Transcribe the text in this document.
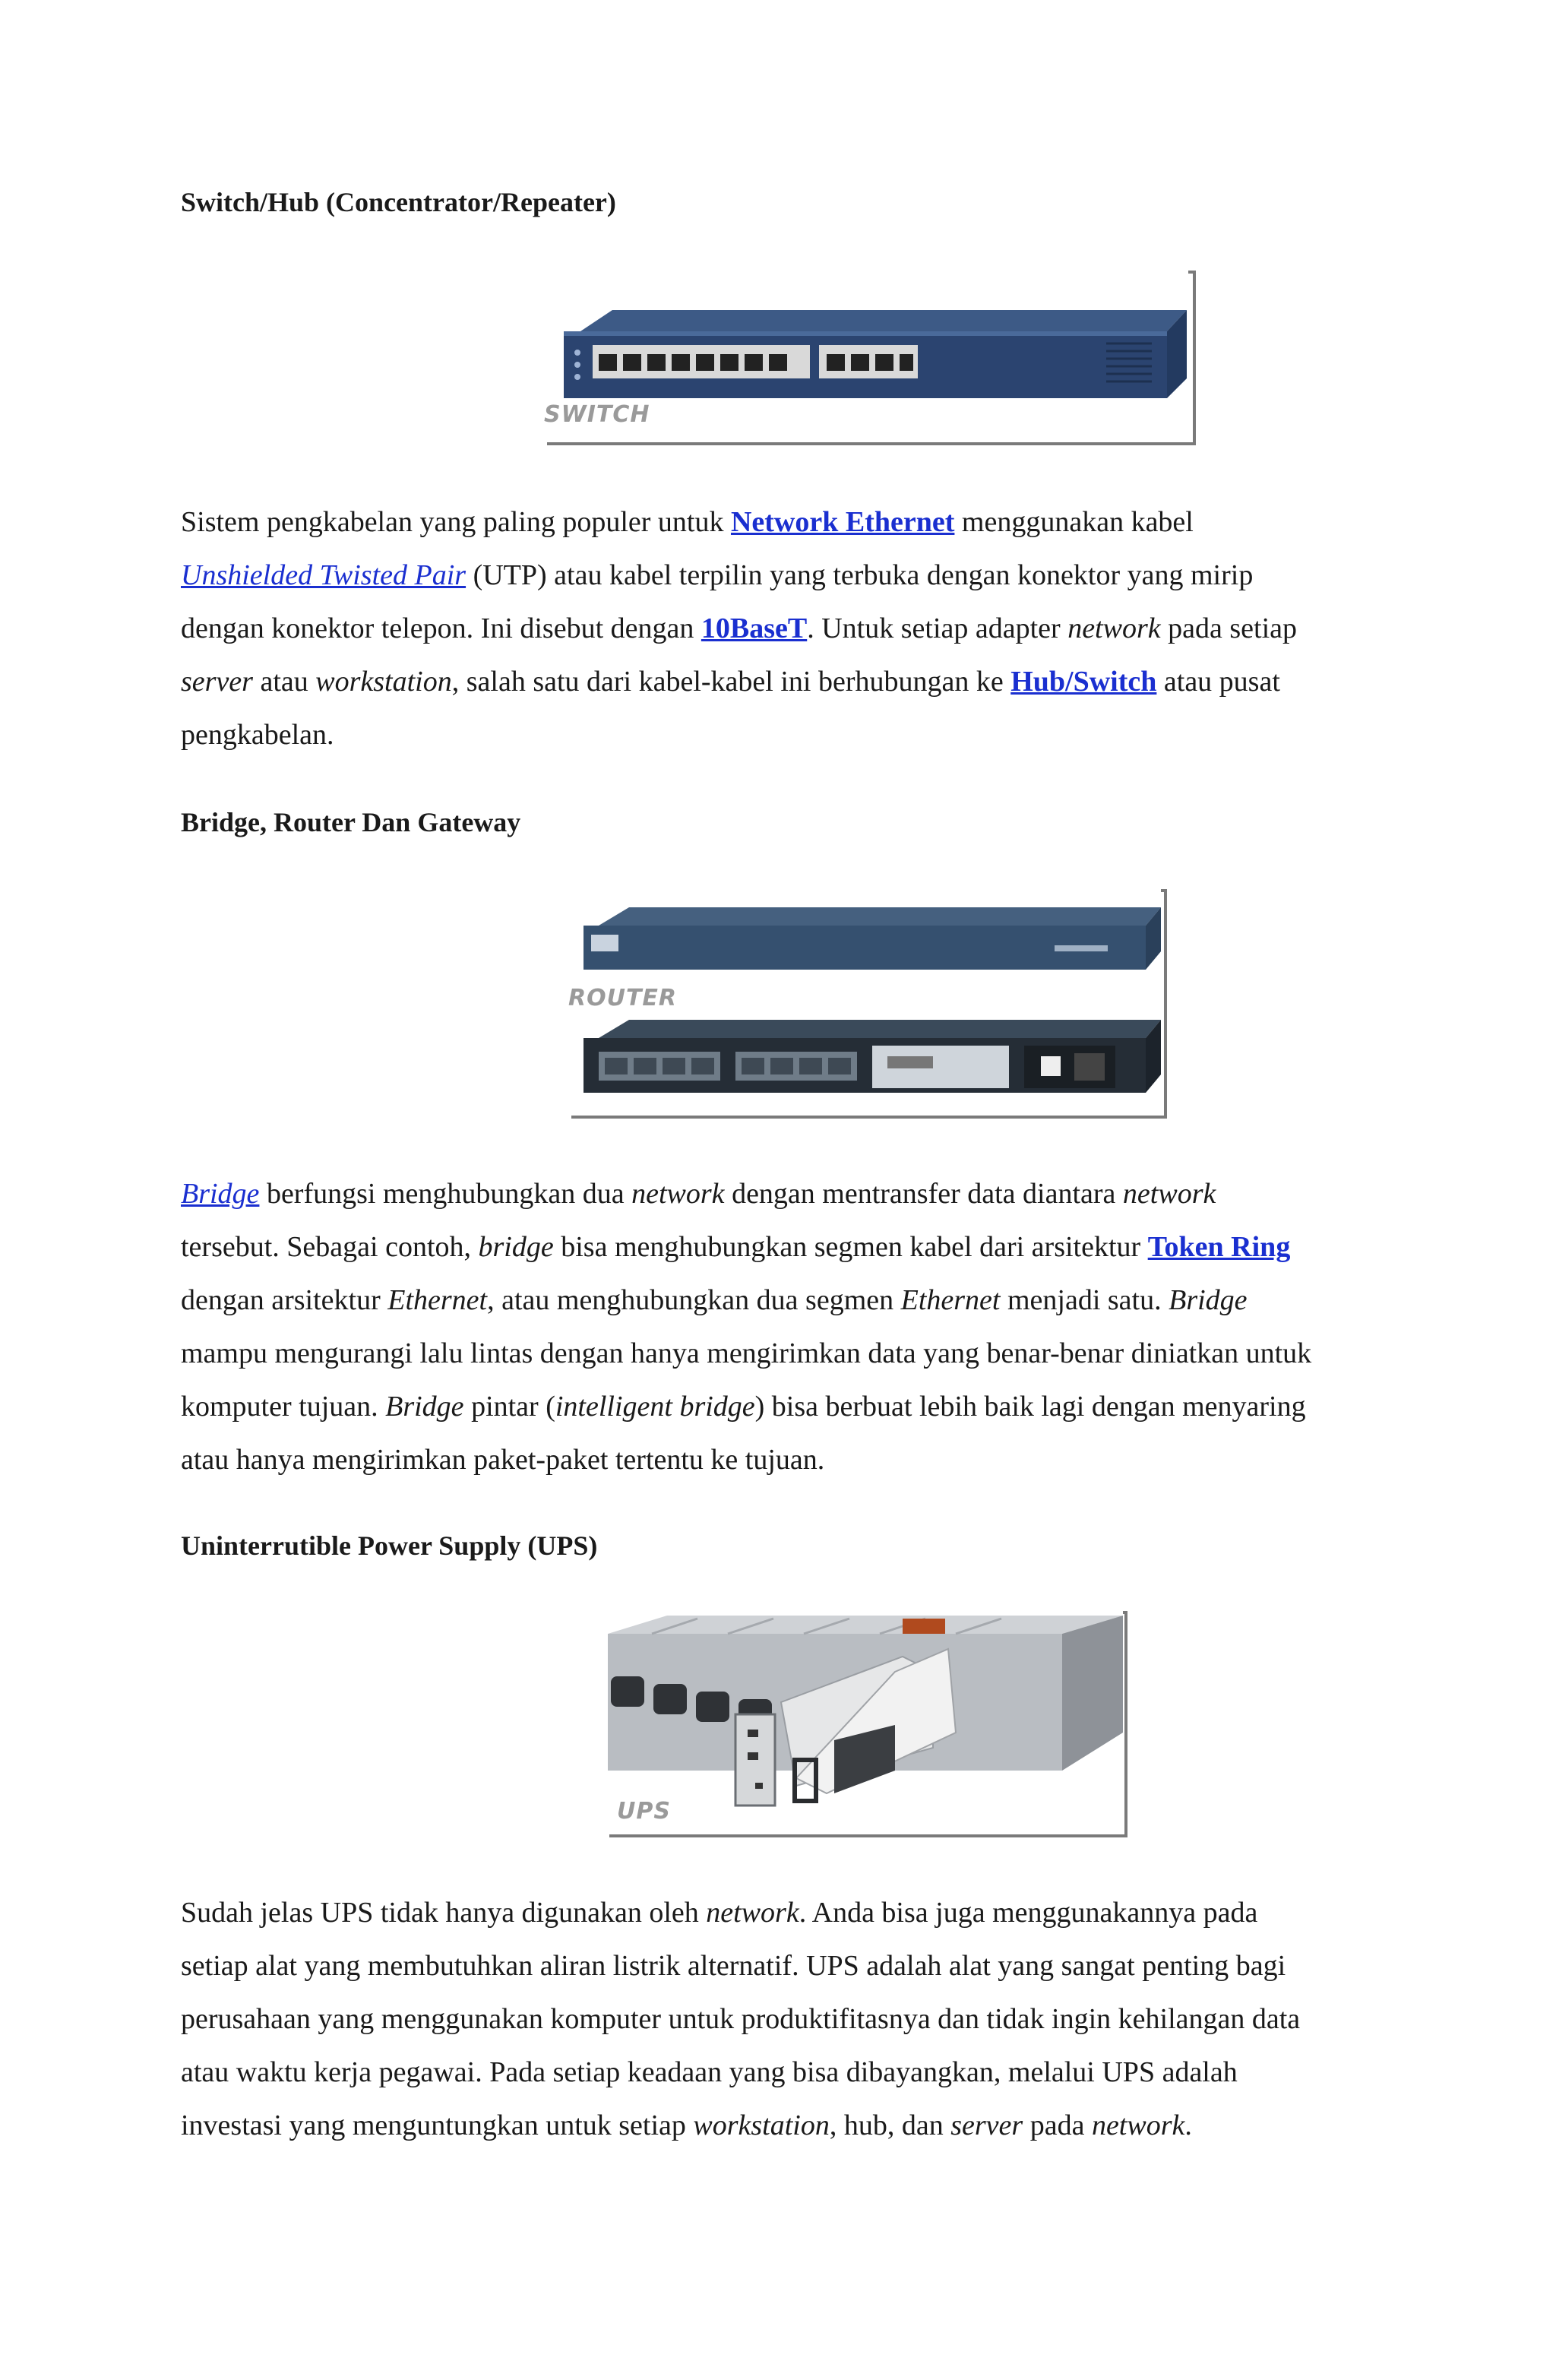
Switch/Hub (Concentrator/Repeater)
SWITCH

Sistem pengkabelan yang paling populer untuk Network Ethernet menggunakan kabel
Unshielded Twisted Pair (UTP) atau kabel terpilin yang terbuka dengan konektor yang mirip
dengan konektor telepon. Ini disebut dengan 10BaseT. Untuk setiap adapter network pada setiap
server atau workstation, salah satu dari kabel-kabel ini berhubungan ke Hub/Switch atau pusat
pengkabelan.

Bridge, Router Dan Gateway
ROUTER

Bridge berfungsi menghubungkan dua network dengan mentransfer data diantara network
tersebut. Sebagai contoh, bridge bisa menghubungkan segmen kabel dari arsitektur Token Ring
dengan arsitektur Ethernet, atau menghubungkan dua segmen Ethernet menjadi satu. Bridge
mampu mengurangi lalu lintas dengan hanya mengirimkan data yang benar-benar diniatkan untuk
komputer tujuan. Bridge pintar (intelligent bridge) bisa berbuat lebih baik lagi dengan menyaring
atau hanya mengirimkan paket-paket tertentu ke tujuan.

Uninterrutible Power Supply (UPS)
UPS

Sudah jelas UPS tidak hanya digunakan oleh network. Anda bisa juga menggunakannya pada
setiap alat yang membutuhkan aliran listrik alternatif. UPS adalah alat yang sangat penting bagi
perusahaan yang menggunakan komputer untuk produktifitasnya dan tidak ingin kehilangan data
atau waktu kerja pegawai. Pada setiap keadaan yang bisa dibayangkan, melalui UPS adalah
investasi yang menguntungkan untuk setiap workstation, hub, dan server pada network.
